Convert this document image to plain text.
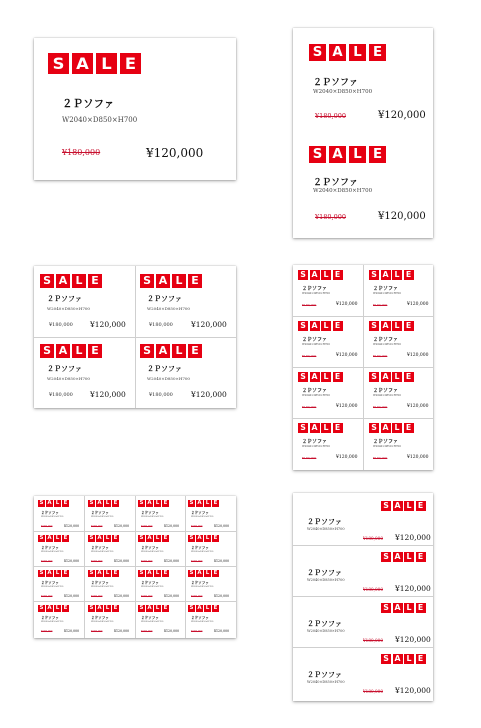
S A L E
２Ｐソファ
W2040×D850×H700
¥180,000	¥120,000
S A L E
２Ｐソファ
W2040×D850×H700
¥180,000	¥120,000
S A L E
２Ｐソファ
W2040×D850×H700
¥180,000	¥120,000
S A L E
２Ｐソファ
W2040×D850×H700
¥180,000 ¥120,000
S A L E
２Ｐソファ
W2040×D850×H700
¥180,000 ¥120,000
S A L E
２Ｐソファ
W2040×D850×H700
¥180,000 ¥120,000
S A L E
２Ｐソファ
W2040×D850×H700
¥180,000 ¥120,000
S A L E
２Ｐソファ
W2040×D850×H700
¥180,000	¥120,000
S A L E
２Ｐソファ
W2040×D850×H700
¥180,000	¥120,000
S A L E
２Ｐソファ
W2040×D850×H700
¥180,000	¥120,000
S A L E
２Ｐソファ
W2040×D850×H700
¥180,000	¥120,000
S A L E
２Ｐソファ
W2040×D850×H700
¥180,000	¥120,000
S A L E
２Ｐソファ
W2040×D850×H700
¥180,000	¥120,000
S A L E
２Ｐソファ
W2040×D850×H700
¥180,000	¥120,000
S A L E
２Ｐソファ
W2040×D850×H700
¥180,000	¥120,000
S A L E
２Ｐソファ
W2040×D850×H700
¥180,000	¥120,000
S A L E
２Ｐソファ
W2040×D850×H700
¥180,000	¥120,000
S A L E
２Ｐソファ
W2040×D850×H700
¥180,000	¥120,000
S A L E
２Ｐソファ
W2040×D850×H700
¥180,000	¥120,000
S A L E
２Ｐソファ
W2040×D850×H700
¥180,000	¥120,000
S A L E
２Ｐソファ
W2040×D850×H700
¥180,000	¥120,000
S A L E
２Ｐソファ
W2040×D850×H700
¥180,000	¥120,000
S A L E
２Ｐソファ
W2040×D850×H700
¥180,000	¥120,000
S A L E
２Ｐソファ
W2040×D850×H700
¥180,000	¥120,000
S A L E
２Ｐソファ
W2040×D850×H700
¥180,000	¥120,000
S A L E
２Ｐソファ
W2040×D850×H700
¥180,000	¥120,000
S A L E
２Ｐソファ
W2040×D850×H700
¥180,000	¥120,000
S A L E
２Ｐソファ
W2040×D850×H700
¥180,000	¥120,000
S A L E
２Ｐソファ
W2040×D850×H700
¥180,000	¥120,000
S A L E
２Ｐソファ
W2040×D850×H700
¥180,000	¥120,000
S A L E
２Ｐソファ
W2040×D850×H700
¥180,000	¥120,000
S A L E
２Ｐソファ
W2040×D850×H700
¥180,000 ¥120,000
S A L E
２Ｐソファ
W2040×D850×H700
¥180,000 ¥120,000
S A L E
２Ｐソファ
W2040×D850×H700
¥180,000 ¥120,000
S A L E
２Ｐソファ
W2040×D850×H700
¥180,000 ¥120,000
